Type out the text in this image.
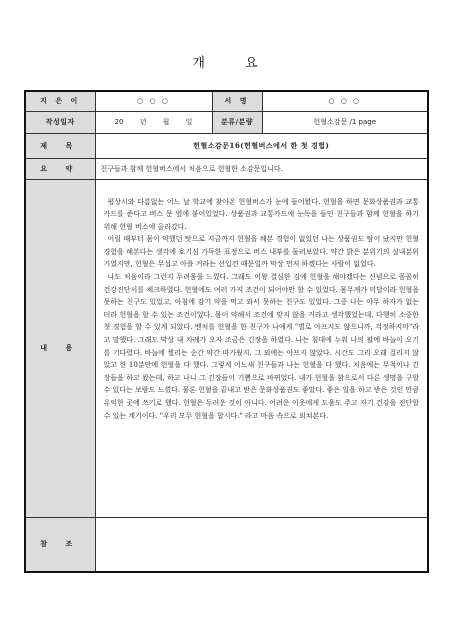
개 요
지 은 이	○ ○ ○	서 명	○ ○ ○
작성일자	20 년 월 일	분류/분량	헌혈소감문 /1 page
제 목	헌혈소감문16(헌혈버스에서 한 첫 경험)		
요 약	친구들과 함께 헌혈버스에서 처음으로 헌혈한 소감문입니다.		
내 용	평상시와 다름없는 어느 날 학교에 찾아온 헌혈버스가 눈에 들어왔다. 헌혈을 하면 문화상품권과 교통카드를 준다고 버스 문 옆에 붙어있었다. 상품권과 교통카드에 눈독을 들인 친구들과 함께 헌혈을 하기 위해 헌혈 버스에 올라갔다.

어릴 때부터 몸이 약했던 탓으로 지금까지 헌혈을 해본 경험이 없었던 나는 상품권도 탐이 났지만 헌혈 경험을 해본다는 생각에 호기심 가득한 표정으로 버스 내부를 둘러보았다. 약간 밝은 분위기의 실내분위기였지만, 헌혈은 무섭고 아플 거라는 선입견 때문일까 막상 먼저 하겠다는 사람이 없었다.

나도 처음이라 그런지 두려움을 느꼈다. 그래도 이왕 결심한 김에 헌혈을 해야겠다는 신념으로 꼼꼼히 건강진단서를 체크하였다. 헌혈에도 여러 가지 조건이 되어야만 할 수 있었다. 몸무게가 미달이라 헌혈을 못하는 친구도 있었고, 아침에 감기 약을 먹고 와서 못하는 친구도 있었다. 그중 나는 아무 하자가 없는 터라 헌혈을 할 수 있는 조건이었다. 몸이 약해서 조건에 맞지 않을 거라고 생각했었는데, 다행히 소중한 첫 경험을 할 수 있게 되었다. 벤처를 헌혈을 한 친구가 나에게 "별로 아프지도 않으니까, 걱정하지마"라고 말했다. 그래도 막상 내 차례가 오자 조금은 긴장을 하였다. 나는 침대에 누워 나의 팔에 바늘이 오기를 기다렸다. 바늘에 찔리는 순간 약간 따가웠지, 그 외에는 아프지 않았다. 시간도 그리 오래 걸리지 않았고 한 10분만에 헌혈을 다 했다. 그렇게 어느새 친구들과 나는 헌혈을 다 했다. 처음에는 무척이나 긴장들을 하고 왔는데, 하고 나니 그 긴장들이 기쁨으로 바뀌었다. 내가 헌혈을 함으로서 다른 생명을 구할 수 있다는 보람도 느꼈다. 물론 헌혈을 끝내고 받은 문화상품권도 좋았다. 좋은 일을 하고 받은 것인 만큼 유익한 곳에 쓰기로 했다. 헌혈은 두려운 것이 아니다. 어려운 이웃에게 도움도 주고 자기 건강을 진단할 수 있는 계기이다. "우리 모두 헌혈을 합시다." 라고 마음 속으로 외쳐본다.		

참 조			
